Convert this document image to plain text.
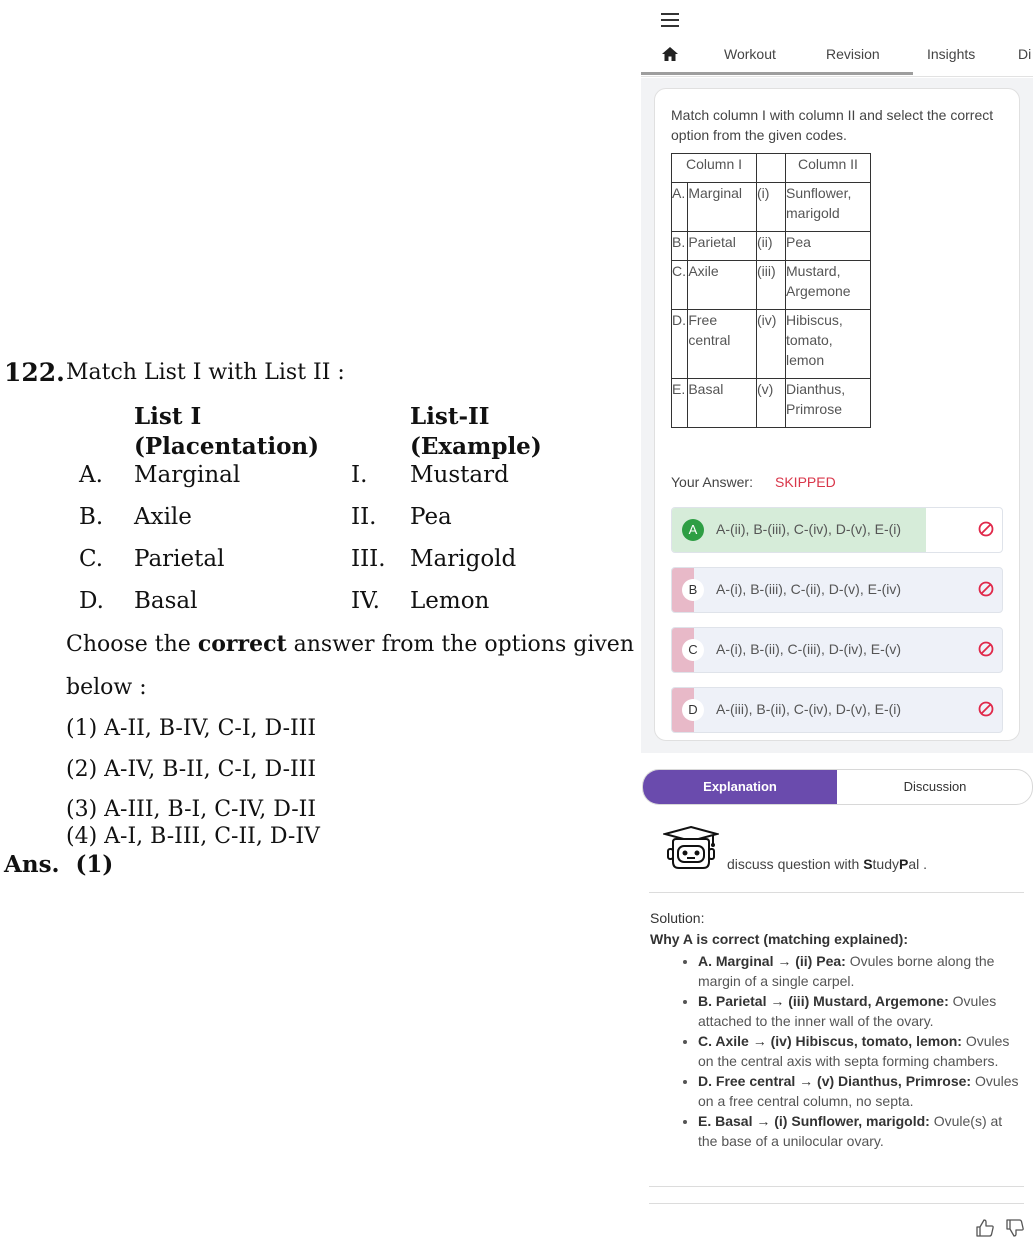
122. Match List I with List II :
List I
(Placentation)
List-II
(Example)
A. Marginal	I. Mustard
B. Axile	II. Pea
C. Parietal	III. Marigold
D. Basal	IV. Lemon
Choose the correct answer from the options given
below :
(1) A-II, B-IV, C-I, D-III
(2) A-IV, B-II, C-I, D-III
(3) A-III, B-I, C-IV, D-II
(4) A-I, B-III, C-II, D-IV
Ans. (1)
Workout	Revision	Insights	Di
Match column I with column II and select the correct option from the given codes.
Column I			Column II
A.	Marginal	(i)	Sunflower, marigold
B.	Parietal	(ii)	Pea
C.	Axile	(iii)	Mustard, Argemone
D.	Free central	(iv)	Hibiscus, tomato, lemon
E.	Basal	(v)	Dianthus, Primrose
Your Answer: SKIPPED
A	A-(ii), B-(iii), C-(iv), D-(v), E-(i)
B	A-(i), B-(iii), C-(ii), D-(v), E-(iv)
C	A-(i), B-(ii), C-(iii), D-(iv), E-(v)
D	A-(iii), B-(ii), C-(iv), D-(v), E-(i)
Explanation	Discussion
discuss question with StudyPal .
Solution:
Why A is correct (matching explained):
• A. Marginal → (ii) Pea: Ovules borne along the margin of a single carpel.
• B. Parietal → (iii) Mustard, Argemone: Ovules attached to the inner wall of the ovary.
• C. Axile → (iv) Hibiscus, tomato, lemon: Ovules on the central axis with septa forming chambers.
• D. Free central → (v) Dianthus, Primrose: Ovules on a free central column, no septa.
• E. Basal → (i) Sunflower, marigold: Ovule(s) at the base of a unilocular ovary.
